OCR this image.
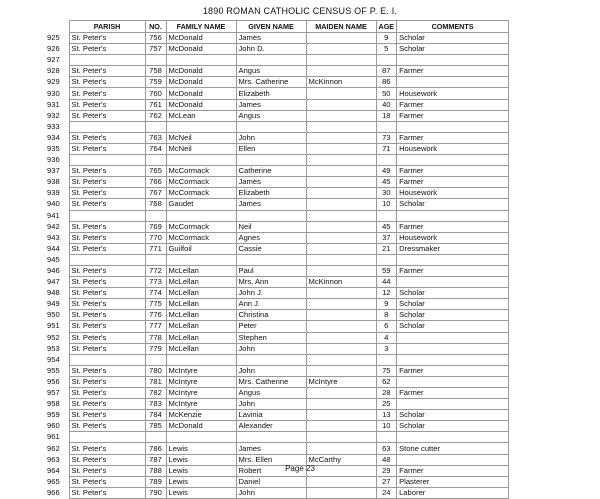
1890 ROMAN CATHOLIC CENSUS OF P. E. I.
	PARISH	NO.	FAMILY NAME	GIVEN NAME	MAIDEN NAME	AGE	COMMENTS
925	St. Peter's	756	McDonald	James		9	Scholar
926	St. Peter's	757	McDonald	John D.		5	Scholar
927							
928	St. Peter's	758	McDonald	Angus		87	Farmer
929	St. Peter's	759	McDonald	Mrs. Catherine	McKinnon	86	
930	St. Peter's	760	McDonald	Elizabeth		50	Housework
931	St. Peter's	761	McDonald	James		40	Farmer
932	St. Peter's	762	McLean	Angus		18	Farmer
933							
934	St. Peter's	763	McNeil	John		73	Farmer
935	St. Peter's	764	McNeil	Ellen		71	Housework
936							
937	St. Peter's	765	McCormack	Catherine		49	Farmer
938	St. Peter's	766	McCormack	James		45	Farmer
939	St. Peter's	767	McCormack	Elizabeth		30	Housework
940	St. Peter's	768	Gaudet	James		10	Scholar
941							
942	St. Peter's	769	McCormack	Neil		45	Farmer
943	St. Peter's	770	McCormack	Agnes		37	Housework
944	St. Peter's	771	Guilfoil	Cassie		21	Dressmaker
945							
946	St. Peter's	772	McLellan	Paul		59	Farmer
947	St. Peter's	773	McLellan	Mrs. Ann	McKinnon	44	
948	St. Peter's	774	McLellan	John J.		12	Scholar
949	St. Peter's	775	McLellan	Ann J.		9	Scholar
950	St. Peter's	776	McLellan	Christina		8	Scholar
951	St. Peter's	777	McLellan	Peter		6	Scholar
952	St. Peter's	778	McLellan	Stephen		4	
953	St. Peter's	779	McLellan	John		3	
954							
955	St. Peter's	780	McIntyre	John		75	Farmer
956	St. Peter's	781	McIntyre	Mrs. Catherine	McIntyre	62	
957	St. Peter's	782	McIntyre	Angus		28	Farmer
958	St. Peter's	783	McIntyre	John		25	
959	St. Peter's	784	McKenzie	Lavinia		13	Scholar
960	St. Peter's	785	McDonald	Alexander		10	Scholar
961							
962	St. Peter's	786	Lewis	James		63	Stone cutter
963	St. Peter's	787	Lewis	Mrs. Ellen	McCarthy	48	
964	St. Peter's	788	Lewis	Robert		29	Farmer
965	St. Peter's	789	Lewis	Daniel		27	Plasterer
966	St. Peter's	790	Lewis	John		24	Laborer
Page 23
